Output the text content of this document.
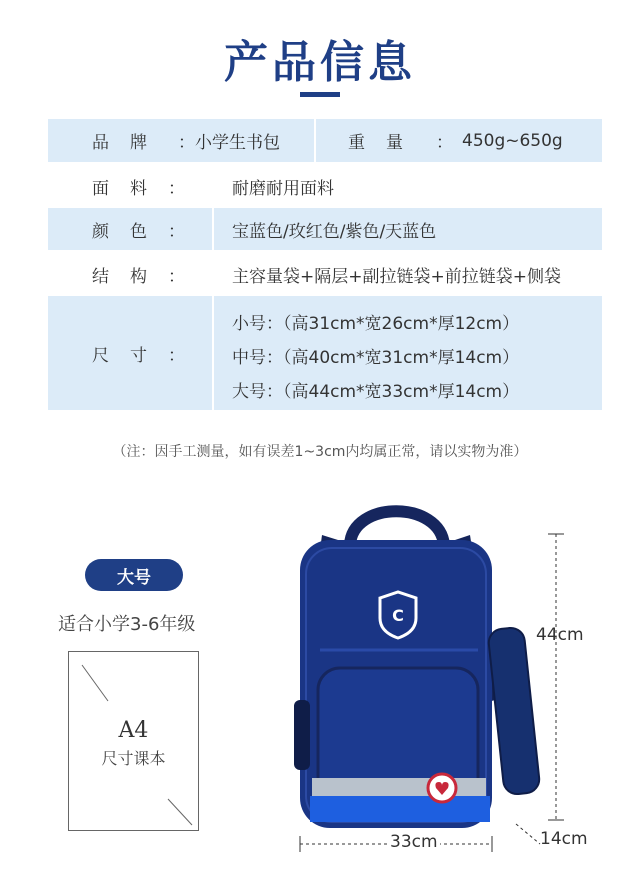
产品信息
品　牌	：小学生书包	重　量 ： 450g~650g
面　料　：	耐磨耐用面料
颜　色　：	宝蓝色/玫红色/紫色/天蓝色
结　构　：	主容量袋+隔层+副拉链袋+前拉链袋+侧袋
尺　寸　：
小号：（高31cm*宽26cm*厚12cm）
中号：（高40cm*宽31cm*厚14cm）
大号：（高44cm*宽33cm*厚14cm）
（注：因手工测量，如有误差1~3cm内均属正常，请以实物为准）
大号
适合小学3-6年级
A4
尺寸课本
C
44cm
33cm	14cm
